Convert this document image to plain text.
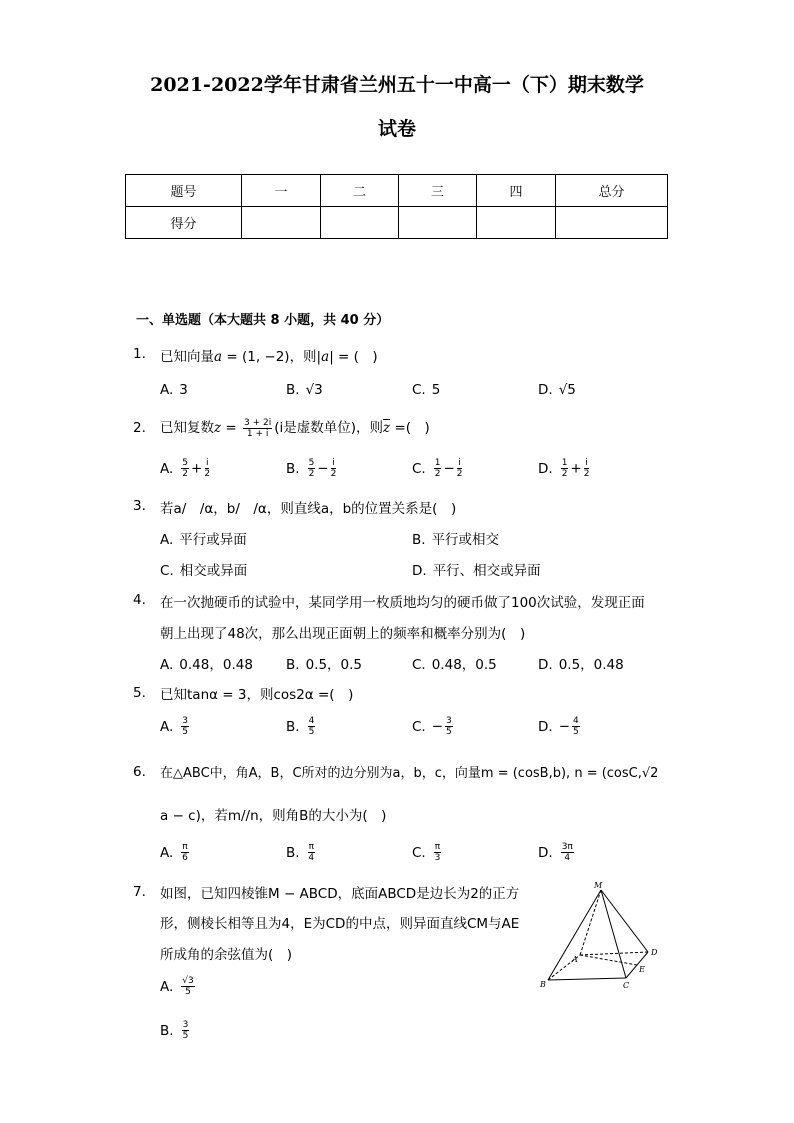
2021-2022学年甘肃省兰州五十一中高一（下）期末数学
试卷
题号	一	二	三	四	总分
得分					
一、单选题（本大题共 8 小题，共 40 分）
1. 已知向量a = (1, −2)，则|a| = (　)
A. 3	B. √3	C. 5	D. √5
2. 已知复数$z = \frac{3 + 2i}{1 + i} (i$是虚数单位)，则$\overline{z}$ =(　)
A. $\frac{5}{2} + \frac{i}{2}$	B. $\frac{5}{2} - \frac{i}{2}$	C. $\frac{1}{2} - \frac{i}{2}$	D. $\frac{1}{2} + \frac{i}{2}$
3. 若a/　/α，b/　/α，则直线a，b的位置关系是(　)
A. 平行或异面	B. 平行或相交
C. 相交或异面	D. 平行、相交或异面
4. 在一次抛硬币的试验中，某同学用一枚质地均匀的硬币做了100次试验，发现正面
朝上出现了48次，那么出现正面朝上的频率和概率分别为(　)
A. 0.48，0.48 B. 0.5，0.5	C. 0.48，0.5	D. 0.5，0.48
5. 已知tanα = 3，则cos2α =(　)
A. $\frac{3}{5}$	B. $\frac{4}{5}$	C. − $\frac{3}{5}$	D. − $\frac{4}{5}$
6. 在△ABC中，角A，B，C所对的边分别为a，b，c，向量m = (cosB,b), n = (cosC,√2
a − c)，若m//n，则角B的大小为(　)
A. $\frac{\pi}{6}$	B. $\frac{\pi}{4}$	C. $\frac{\pi}{3}$	D. $\frac{3\pi}{4}$
7. 如图，已知四棱锥M − ABCD，底面ABCD是边长为2的正方
形，侧棱长相等且为4，E为CD的中点，则异面直线CM与AE
所成角的余弦值为(　)
A. $\frac{√3}{5}$
B. $\frac{3}{5}$
M
A
B	C
D
E
